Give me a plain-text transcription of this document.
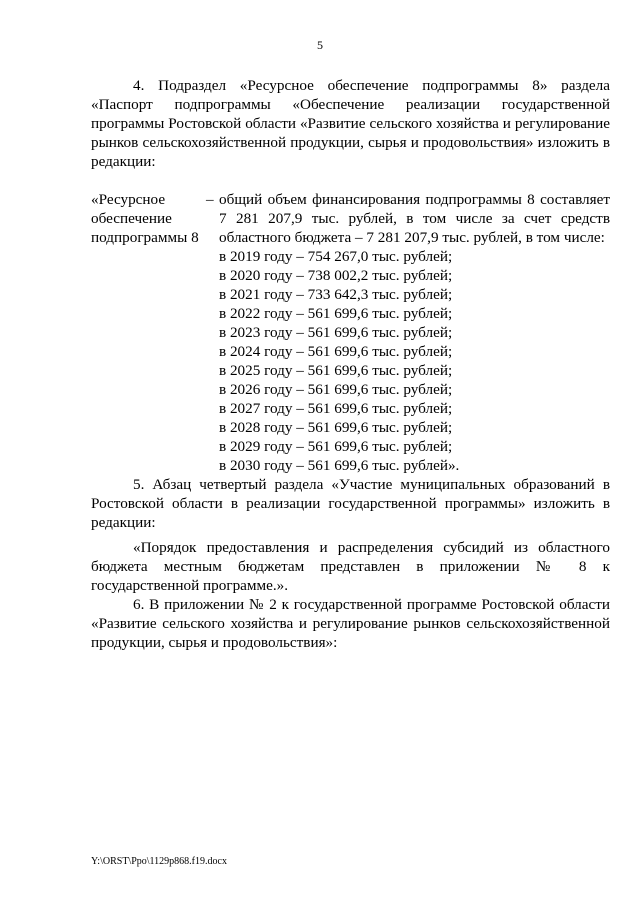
5

4. Подраздел «Ресурсное обеспечение подпрограммы 8» раздела «Паспорт подпрограммы «Обеспечение реализации государственной программы Ростовской области «Развитие сельского хозяйства и регулирование рынков сельскохозяйственной продукции, сырья и продовольствия» изложить в редакции:

«Ресурсное
обеспечение
подпрограммы 8
– общий объем финансирования подпрограммы 8 составляет 7 281 207,9 тыс. рублей, в том числе за счет средств областного бюджета – 7 281 207,9 тыс. рублей, в том числе:
в 2019 году – 754 267,0 тыс. рублей;
в 2020 году – 738 002,2 тыс. рублей;
в 2021 году – 733 642,3 тыс. рублей;
в 2022 году – 561 699,6 тыс. рублей;
в 2023 году – 561 699,6 тыс. рублей;
в 2024 году – 561 699,6 тыс. рублей;
в 2025 году – 561 699,6 тыс. рублей;
в 2026 году – 561 699,6 тыс. рублей;
в 2027 году – 561 699,6 тыс. рублей;
в 2028 году – 561 699,6 тыс. рублей;
в 2029 году – 561 699,6 тыс. рублей;
в 2030 году – 561 699,6 тыс. рублей».

5. Абзац четвертый раздела «Участие муниципальных образований в Ростовской области в реализации государственной программы» изложить в редакции:

«Порядок предоставления и распределения субсидий из областного бюджета местным бюджетам представлен в приложении № 8 к государственной программе.».

6. В приложении № 2 к государственной программе Ростовской области «Развитие сельского хозяйства и регулирование рынков сельскохозяйственной продукции, сырья и продовольствия»:

Y:\ORST\Ppo\1129p868.f19.docx
